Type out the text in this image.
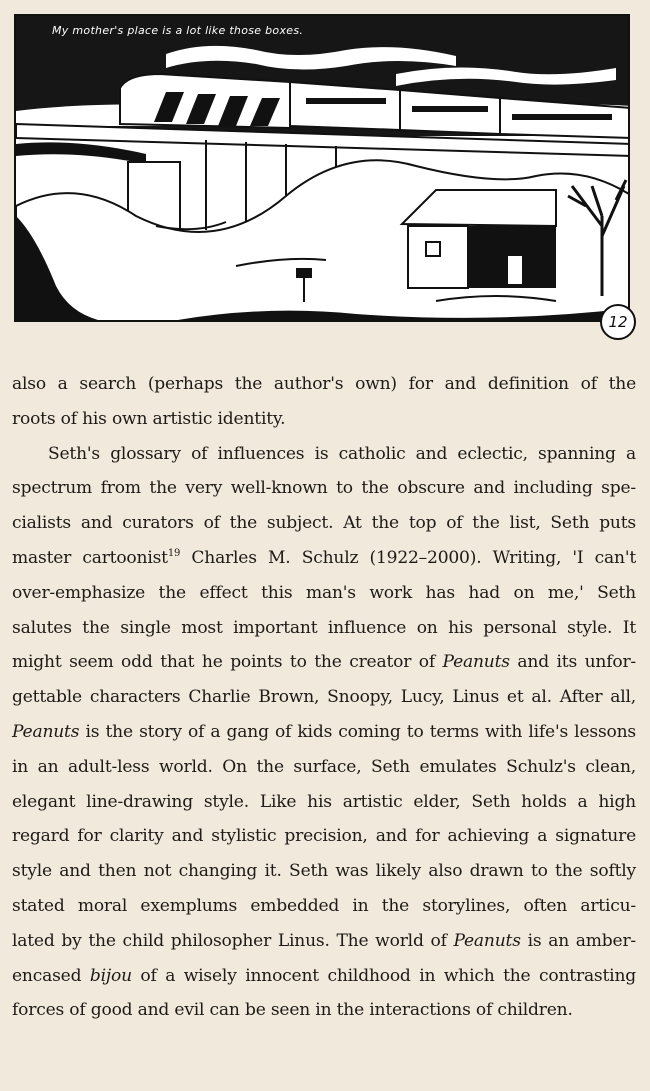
My mother's place is a lot like those boxes.
12
also a search (perhaps the author's own) for and definition of the
roots of his own artistic identity.
Seth's glossary of influences is catholic and eclectic, spanning a
spectrum from the very well-known to the obscure and including spe-
cialists and curators of the subject. At the top of the list, Seth puts
master cartoonist$^{19}$ Charles M. Schulz (1922–2000). Writing, 'I can't
over-emphasize the effect this man's work has had on me,' Seth
salutes the single most important influence on his personal style. It
might seem odd that he points to the creator of Peanuts and its unfor-
gettable characters Charlie Brown, Snoopy, Lucy, Linus et al. After all,
Peanuts is the story of a gang of kids coming to terms with life's lessons
in an adult-less world. On the surface, Seth emulates Schulz's clean,
elegant line-drawing style. Like his artistic elder, Seth holds a high
regard for clarity and stylistic precision, and for achieving a signature
style and then not changing it. Seth was likely also drawn to the softly
stated moral exemplums embedded in the storylines, often articu-
lated by the child philosopher Linus. The world of Peanuts is an amber-
encased bijou of a wisely innocent childhood in which the contrasting
forces of good and evil can be seen in the interactions of children.
